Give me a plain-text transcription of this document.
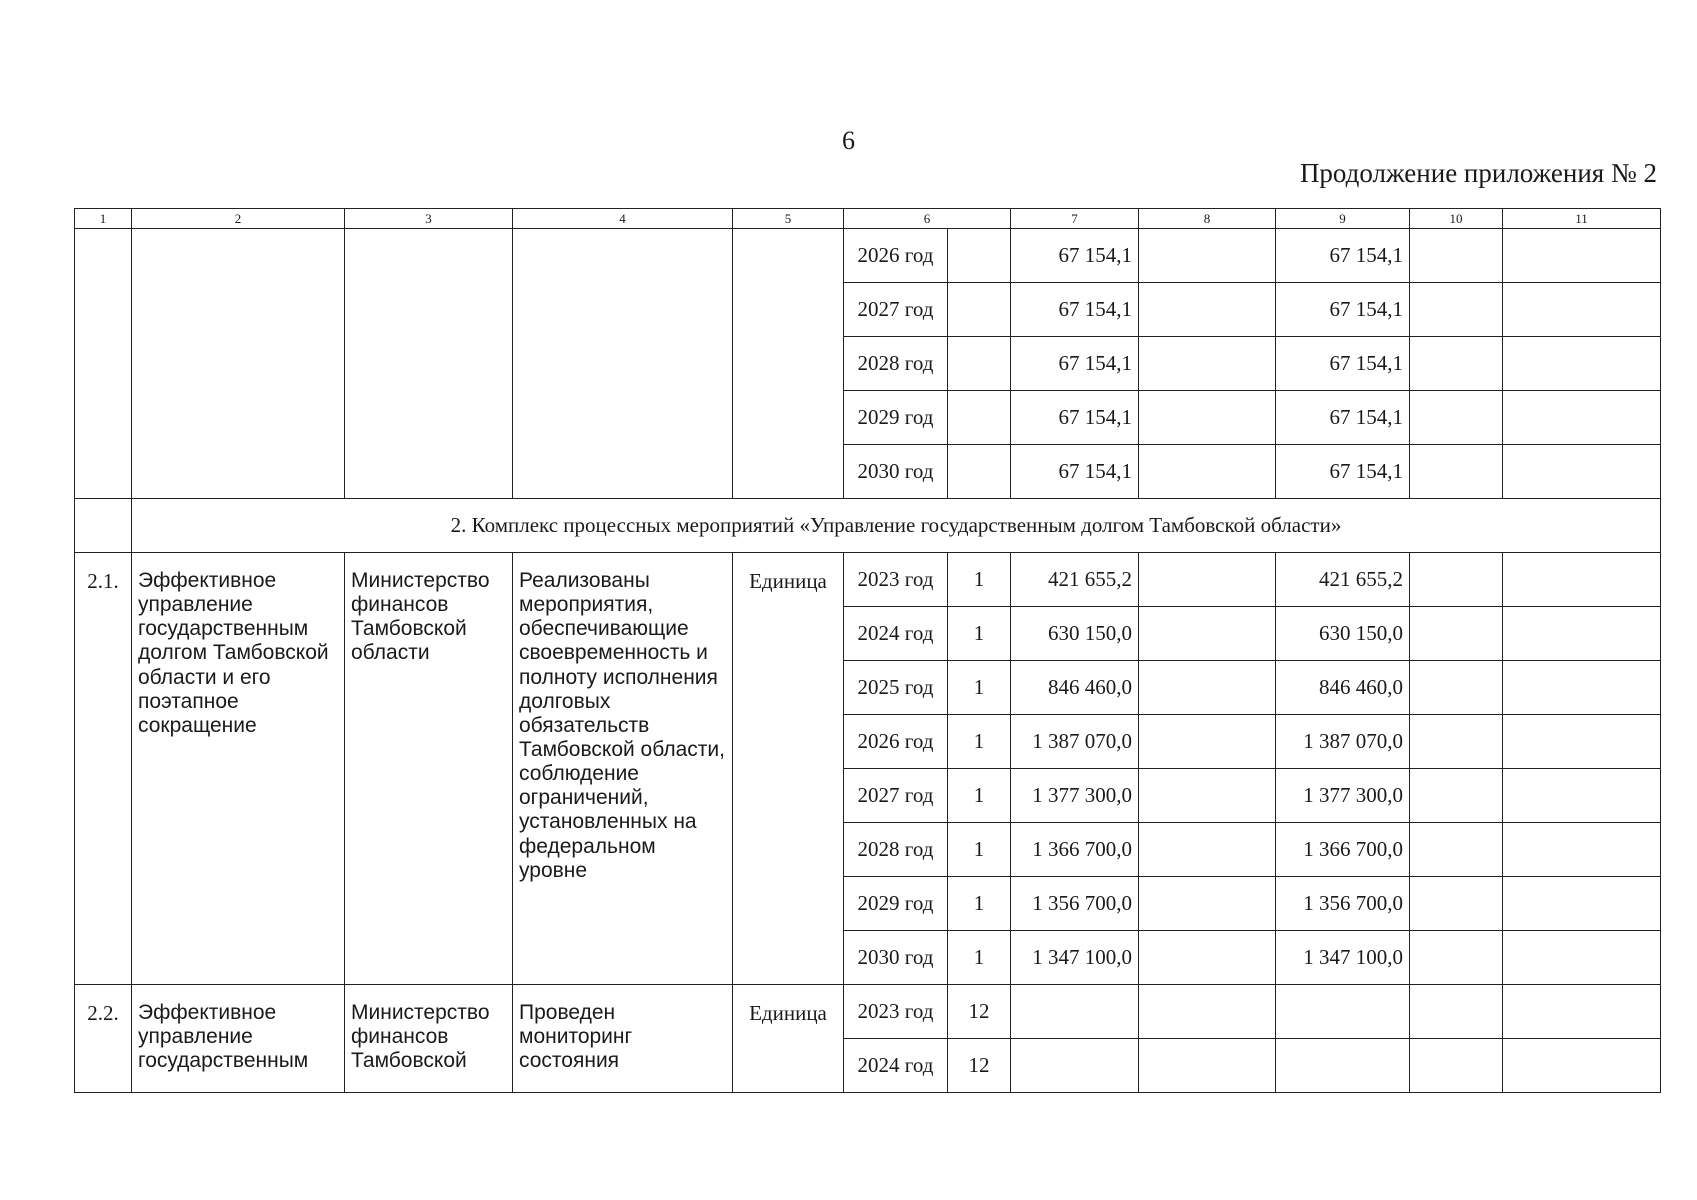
6
Продолжение приложения № 2
1	2	3	4	5	6		7	8	9	10	11
					2026 год		67 154,1		67 154,1		
					2027 год		67 154,1		67 154,1		
					2028 год		67 154,1		67 154,1		
					2029 год		67 154,1		67 154,1		
					2030 год		67 154,1		67 154,1		
	2. Комплекс процессных мероприятий «Управление государственным долгом Тамбовской области»										
2.1.	Эффективное управление государственным долгом Тамбовской области и его поэтапное сокращение	Министерство финансов Тамбовской области	Реализованы мероприятия, обеспечивающие своевременность и полноту исполнения долговых обязательств Тамбовской области, соблюдение ограничений, установленных на федеральном уровне	Единица	2023 год	1	421 655,2		421 655,2		
					2024 год	1	630 150,0		630 150,0		
					2025 год	1	846 460,0		846 460,0		
					2026 год	1	1 387 070,0		1 387 070,0		
					2027 год	1	1 377 300,0		1 377 300,0		
					2028 год	1	1 366 700,0		1 366 700,0		
					2029 год	1	1 356 700,0		1 356 700,0		
					2030 год	1	1 347 100,0		1 347 100,0		
2.2.	Эффективное управление государственным	Министерство финансов Тамбовской	Проведен мониторинг состояния	Единица	2023 год	12					
					2024 год	12					
